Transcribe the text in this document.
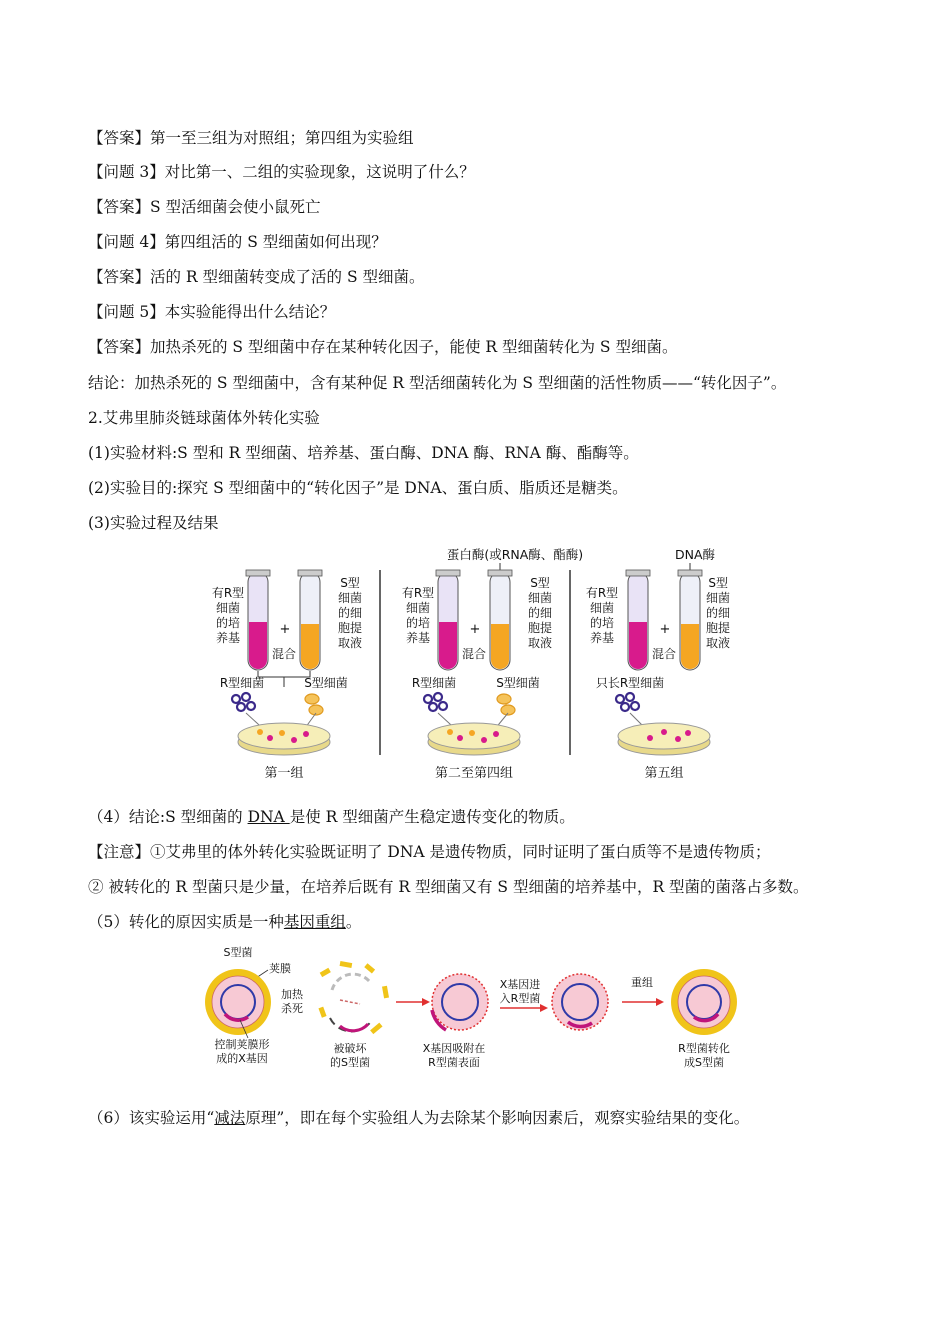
【答案】第一至三组为对照组；第四组为实验组
【问题 3】对比第一、二组的实验现象，这说明了什么？
【答案】S 型活细菌会使小鼠死亡
【问题 4】第四组活的 S 型细菌如何出现？
【答案】活的 R 型细菌转变成了活的 S 型细菌。
【问题 5】本实验能得出什么结论？
【答案】加热杀死的 S 型细菌中存在某种转化因子，能使 R 型细菌转化为 S 型细菌。
结论：加热杀死的 S 型细菌中，含有某种促 R 型活细菌转化为 S 型细菌的活性物质——“转化因子”。
2.艾弗里肺炎链球菌体外转化实验
(1)实验材料:S 型和 R 型细菌、培养基、蛋白酶、DNA 酶、RNA 酶、酯酶等。
(2)实验目的:探究 S 型细菌中的“转化因子”是 DNA、蛋白质、脂质还是糖类。
(3)实验过程及结果
有R型
细菌
的培
养基
+
S型
细菌
的细
胞提
取液
混合
R型细菌	S型细菌
第一组
蛋白酶(或RNA酶、酯酶)
有R型
细菌
的培
养基
+
S型
细菌
的细
胞提
取液
混合
R型细菌	S型细菌
第二至第四组
DNA酶
有R型
细菌
的培
养基
+
S型
细菌
的细
胞提
取液
混合
只长R型细菌
第五组
（4）结论:S 型细菌的 DNA 是使 R 型细菌产生稳定遗传变化的物质。
【注意】①艾弗里的体外转化实验既证明了 DNA 是遗传物质，同时证明了蛋白质等不是遗传物质；
② 被转化的 R 型菌只是少量，在培养后既有 R 型细菌又有 S 型细菌的培养基中，R 型菌的菌落占多数。
（5）转化的原因实质是一种基因重组。
S型菌
荚膜
控制荚膜形
成的X基因
加热
杀死
被破坏
的S型菌
X基因吸附在
R型菌表面
X基因进
入R型菌
重组
R型菌转化
成S型菌
（6）该实验运用“减法原理”，即在每个实验组人为去除某个影响因素后，观察实验结果的变化。
